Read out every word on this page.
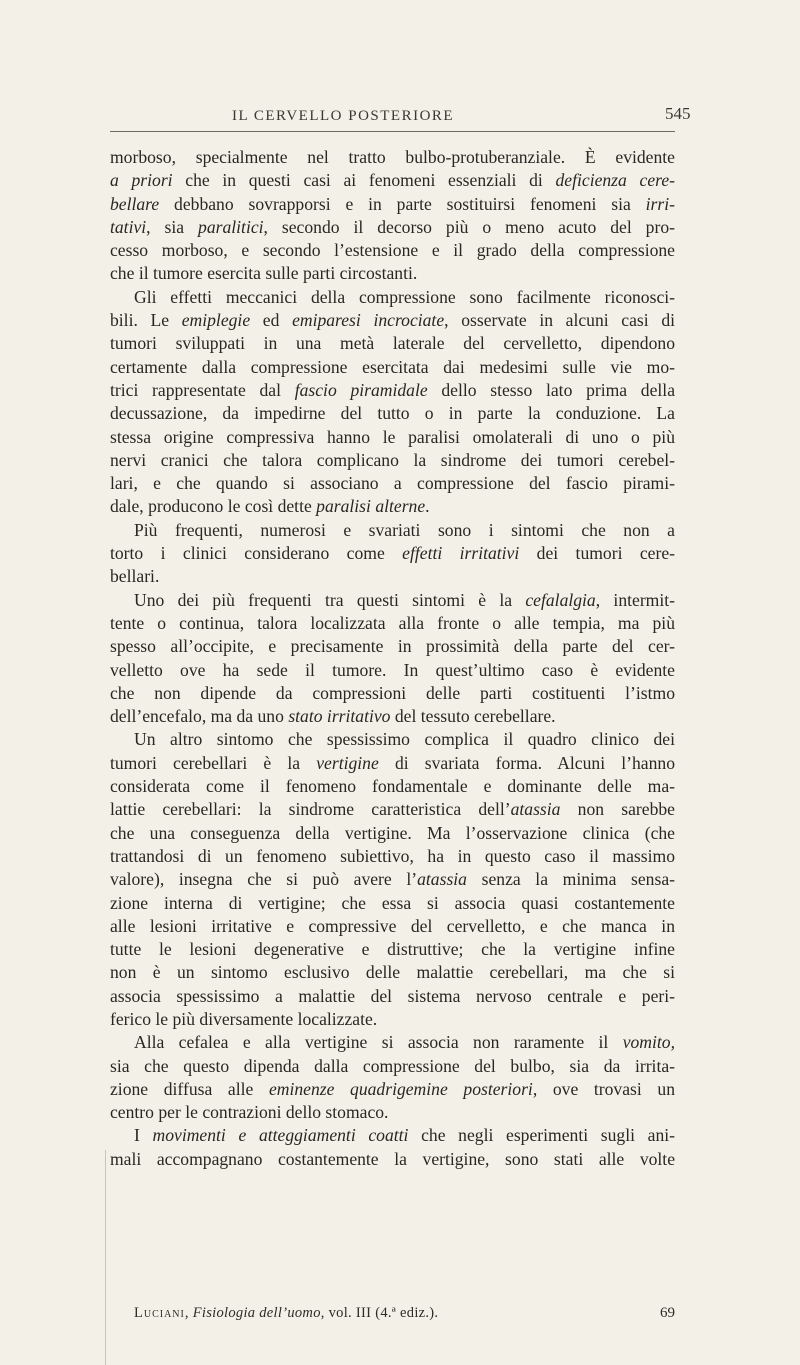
IL CERVELLO POSTERIORE	545

morboso, specialmente nel tratto bulbo-protuberanziale. È evidente
a priori che in questi casi ai fenomeni essenziali di deficienza cere-
bellare debbano sovrapporsi e in parte sostituirsi fenomeni sia irri-
tativi, sia paralitici, secondo il decorso più o meno acuto del pro-
cesso morboso, e secondo l’estensione e il grado della compressione
che il tumore esercita sulle parti circostanti.

Gli effetti meccanici della compressione sono facilmente riconosci-
bili. Le emiplegie ed emiparesi incrociate, osservate in alcuni casi di
tumori sviluppati in una metà laterale del cervelletto, dipendono
certamente dalla compressione esercitata dai medesimi sulle vie mo-
trici rappresentate dal fascio piramidale dello stesso lato prima della
decussazione, da impedirne del tutto o in parte la conduzione. La
stessa origine compressiva hanno le paralisi omolaterali di uno o più
nervi cranici che talora complicano la sindrome dei tumori cerebel-
lari, e che quando si associano a compressione del fascio pirami-
dale, producono le così dette paralisi alterne.

Più frequenti, numerosi e svariati sono i sintomi che non a
torto i clinici considerano come effetti irritativi dei tumori cere-
bellari.

Uno dei più frequenti tra questi sintomi è la cefalalgia, intermit-
tente o continua, talora localizzata alla fronte o alle tempia, ma più
spesso all’occipite, e precisamente in prossimità della parte del cer-
velletto ove ha sede il tumore. In quest’ultimo caso è evidente
che non dipende da compressioni delle parti costituenti l’istmo
dell’encefalo, ma da uno stato irritativo del tessuto cerebellare.

Un altro sintomo che spessissimo complica il quadro clinico dei
tumori cerebellari è la vertigine di svariata forma. Alcuni l’hanno
considerata come il fenomeno fondamentale e dominante delle ma-
lattie cerebellari: la sindrome caratteristica dell’atassia non sarebbe
che una conseguenza della vertigine. Ma l’osservazione clinica (che
trattandosi di un fenomeno subiettivo, ha in questo caso il massimo
valore), insegna che si può avere l’atassia senza la minima sensa-
zione interna di vertigine; che essa si associa quasi costantemente
alle lesioni irritative e compressive del cervelletto, e che manca in
tutte le lesioni degenerative e distruttive; che la vertigine infine
non è un sintomo esclusivo delle malattie cerebellari, ma che si
associa spessissimo a malattie del sistema nervoso centrale e peri-
ferico le più diversamente localizzate.

Alla cefalea e alla vertigine si associa non raramente il vomito,
sia che questo dipenda dalla compressione del bulbo, sia da irrita-
zione diffusa alle eminenze quadrigemine posteriori, ove trovasi un
centro per le contrazioni dello stomaco.

I movimenti e atteggiamenti coatti che negli esperimenti sugli ani-
mali accompagnano costantemente la vertigine, sono stati alle volte

Luciani, Fisiologia dell’uomo, vol. III (4.ª ediz.).	69
